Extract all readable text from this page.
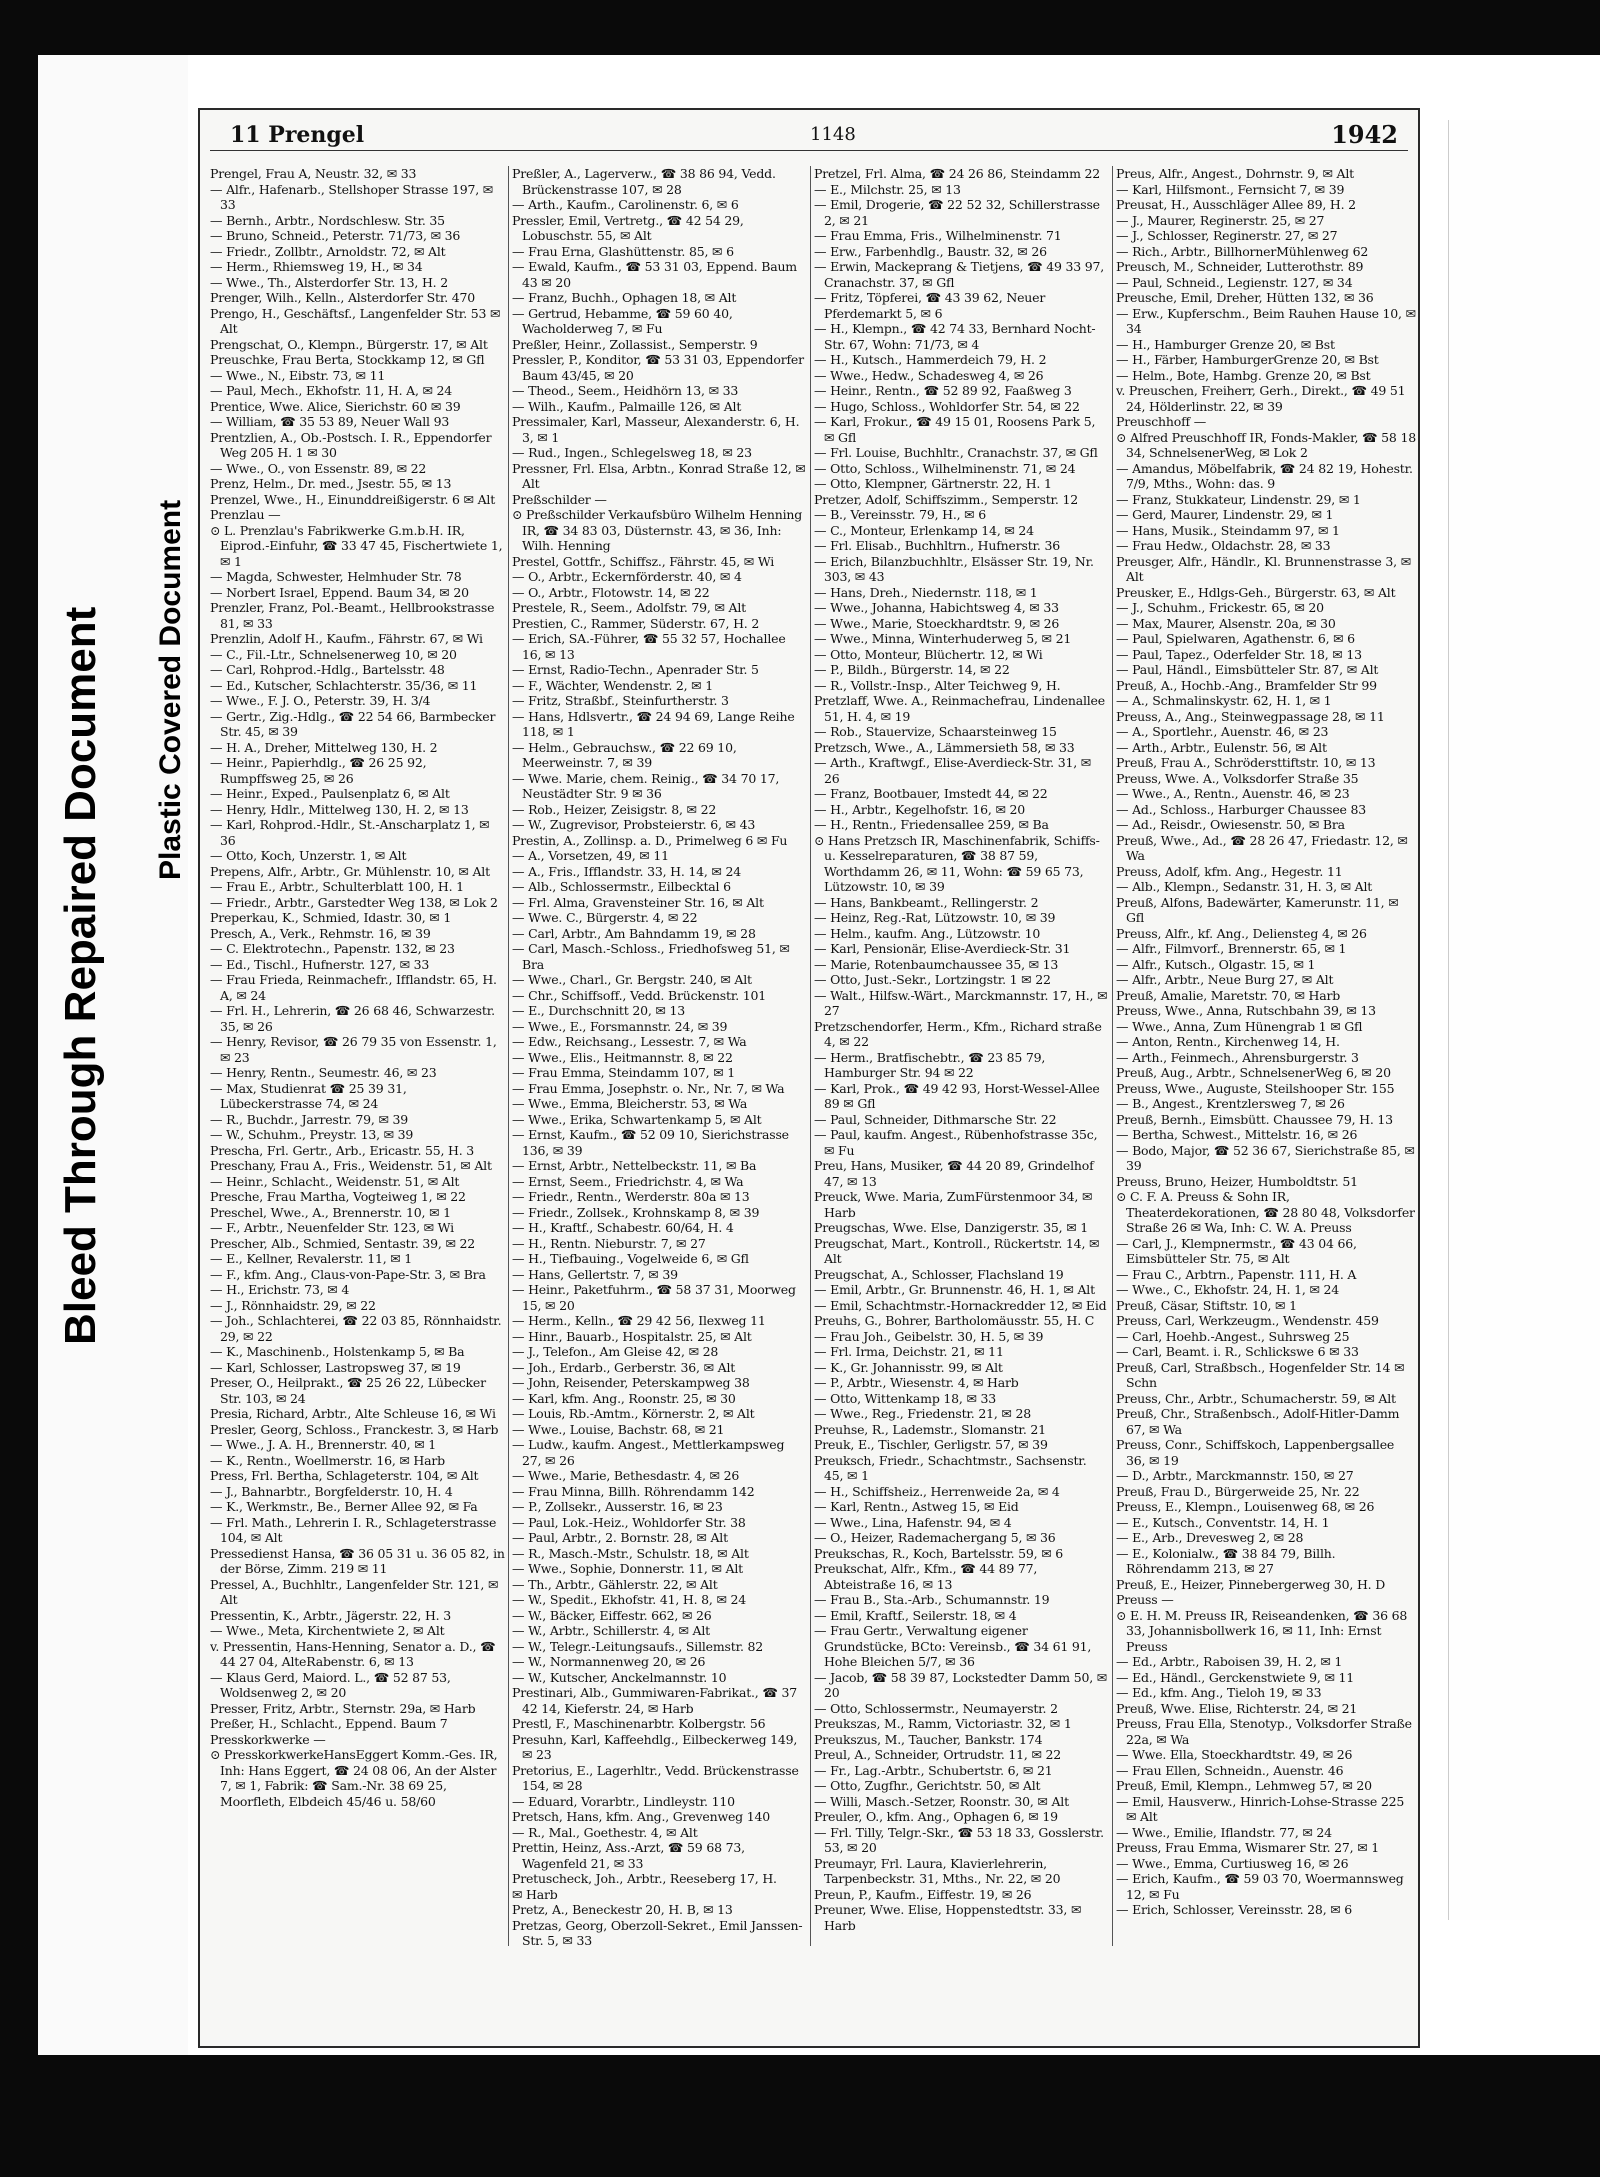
Bleed Through Repaired Document Plastic Covered Document
11 Prengel	1148	1942

Prengel, Frau A, Neustr. 32, ✉ 33

— Alfr., Hafenarb., Stellshoper Strasse 197, ✉ 33

— Bernh., Arbtr., Nordschlesw. Str. 35

— Bruno, Schneid., Peterstr. 71/73, ✉ 36

— Friedr., Zollbtr., Arnoldstr. 72, ✉ Alt

— Herm., Rhiemsweg 19, H., ✉ 34

— Wwe., Th., Alsterdorfer Str. 13, H. 2

Prenger, Wilh., Kelln., Alsterdorfer Str. 470

Prengo, H., Geschäftsf., Langenfelder Str. 53 ✉ Alt

Prengschat, O., Klempn., Bürgerstr. 17, ✉ Alt

Preuschke, Frau Berta, Stockkamp 12, ✉ Gfl

— Wwe., N., Eibstr. 73, ✉ 11

— Paul, Mech., Ekhofstr. 11, H. A, ✉ 24

Prentice, Wwe. Alice, Sierichstr. 60 ✉ 39

— William, ☎ 35 53 89, Neuer Wall 93

Prentzlien, A., Ob.-Postsch. I. R., Eppendorfer Weg 205 H. 1 ✉ 30

— Wwe., O., von Essenstr. 89, ✉ 22

Prenz, Helm., Dr. med., Jsestr. 55, ✉ 13

Prenzel, Wwe., H., Einunddreißigerstr. 6 ✉ Alt

Prenzlau —

⊙ L. Prenzlau's Fabrikwerke G.m.b.H. IR, Eiprod.-Einfuhr, ☎ 33 47 45, Fischertwiete 1, ✉ 1

— Magda, Schwester, Helmhuder Str. 78

— Norbert Israel, Eppend. Baum 34, ✉ 20

Prenzler, Franz, Pol.-Beamt., Hellbrookstrasse 81, ✉ 33

Prenzlin, Adolf H., Kaufm., Fährstr. 67, ✉ Wi

— C., Fil.-Ltr., Schnelsenerweg 10, ✉ 20

— Carl, Rohprod.-Hdlg., Bartelsstr. 48

— Ed., Kutscher, Schlachterstr. 35/36, ✉ 11

— Wwe., F. J. O., Peterstr. 39, H. 3/4

— Gertr., Zig.-Hdlg., ☎ 22 54 66, Barmbecker Str. 45, ✉ 39

— H. A., Dreher, Mittelweg 130, H. 2

— Heinr., Papierhdlg., ☎ 26 25 92, Rumpffsweg 25, ✉ 26

— Heinr., Exped., Paulsenplatz 6, ✉ Alt

— Henry, Hdlr., Mittelweg 130, H. 2, ✉ 13

— Karl, Rohprod.-Hdlr., St.-Anscharplatz 1, ✉ 36

— Otto, Koch, Unzerstr. 1, ✉ Alt

Prepens, Alfr., Arbtr., Gr. Mühlenstr. 10, ✉ Alt

— Frau E., Arbtr., Schulterblatt 100, H. 1

— Friedr., Arbtr., Garstedter Weg 138, ✉ Lok 2

Preperkau, K., Schmied, Idastr. 30, ✉ 1

Presch, A., Verk., Rehmstr. 16, ✉ 39

— C. Elektrotechn., Papenstr. 132, ✉ 23

— Ed., Tischl., Hufnerstr. 127, ✉ 33

— Frau Frieda, Reinmachefr., Ifflandstr. 65, H. A, ✉ 24

— Frl. H., Lehrerin, ☎ 26 68 46, Schwarzestr. 35, ✉ 26

— Henry, Revisor, ☎ 26 79 35 von Essenstr. 1, ✉ 23

— Henry, Rentn., Seumestr. 46, ✉ 23

— Max, Studienrat ☎ 25 39 31, Lübeckerstrasse 74, ✉ 24

— R., Buchdr., Jarrestr. 79, ✉ 39

— W., Schuhm., Preystr. 13, ✉ 39

Prescha, Frl. Gertr., Arb., Ericastr. 55, H. 3

Preschany, Frau A., Fris., Weidenstr. 51, ✉ Alt

— Heinr., Schlacht., Weidenstr. 51, ✉ Alt

Presche, Frau Martha, Vogteiweg 1, ✉ 22

Preschel, Wwe., A., Brennerstr. 10, ✉ 1

— F., Arbtr., Neuenfelder Str. 123, ✉ Wi

Prescher, Alb., Schmied, Sentastr. 39, ✉ 22

— E., Kellner, Revalerstr. 11, ✉ 1

— F., kfm. Ang., Claus-von-Pape-Str. 3, ✉ Bra

— H., Erichstr. 73, ✉ 4

— J., Rönnhaidstr. 29, ✉ 22

— Joh., Schlachterei, ☎ 22 03 85, Rönnhaidstr. 29, ✉ 22

— K., Maschinenb., Holstenkamp 5, ✉ Ba

— Karl, Schlosser, Lastropsweg 37, ✉ 19

Preser, O., Heilprakt., ☎ 25 26 22, Lübecker Str. 103, ✉ 24

Presia, Richard, Arbtr., Alte Schleuse 16, ✉ Wi

Presler, Georg, Schloss., Franckestr. 3, ✉ Harb

— Wwe., J. A. H., Brennerstr. 40, ✉ 1

— K., Rentn., Woellmerstr. 16, ✉ Harb

Press, Frl. Bertha, Schlageterstr. 104, ✉ Alt

— J., Bahnarbtr., Borgfelderstr. 10, H. 4

— K., Werkmstr., Be., Berner Allee 92, ✉ Fa

— Frl. Math., Lehrerin I. R., Schlageterstrasse 104, ✉ Alt

Pressedienst Hansa, ☎ 36 05 31 u. 36 05 82, in der Börse, Zimm. 219 ✉ 11

Pressel, A., Buchhltr., Langenfelder Str. 121, ✉ Alt

Pressentin, K., Arbtr., Jägerstr. 22, H. 3

— Wwe., Meta, Kirchentwiete 2, ✉ Alt

v. Pressentin, Hans-Henning, Senator a. D., ☎ 44 27 04, AlteRabenstr. 6, ✉ 13

— Klaus Gerd, Maiord. L., ☎ 52 87 53, Woldsenweg 2, ✉ 20

Presser, Fritz, Arbtr., Sternstr. 29a, ✉ Harb

Preßer, H., Schlacht., Eppend. Baum 7

Presskorkwerke —

⊙ PresskorkwerkeHansEggert Komm.-Ges. IR, Inh: Hans Eggert, ☎ 24 08 06, An der Alster 7, ✉ 1, Fabrik: ☎ Sam.-Nr. 38 69 25, Moorfleth, Elbdeich 45/46 u. 58/60

Preßler, A., Lagerverw., ☎ 38 86 94, Vedd. Brückenstrasse 107, ✉ 28

— Arth., Kaufm., Carolinenstr. 6, ✉ 6

Pressler, Emil, Vertretg., ☎ 42 54 29, Lobuschstr. 55, ✉ Alt

— Frau Erna, Glashüttenstr. 85, ✉ 6

— Ewald, Kaufm., ☎ 53 31 03, Eppend. Baum 43 ✉ 20

— Franz, Buchh., Ophagen 18, ✉ Alt

— Gertrud, Hebamme, ☎ 59 60 40, Wacholderweg 7, ✉ Fu

Preßler, Heinr., Zollassist., Semperstr. 9

Pressler, P., Konditor, ☎ 53 31 03, Eppendorfer Baum 43/45, ✉ 20

— Theod., Seem., Heidhörn 13, ✉ 33

— Wilh., Kaufm., Palmaille 126, ✉ Alt

Pressimaler, Karl, Masseur, Alexanderstr. 6, H. 3, ✉ 1

— Rud., Ingen., Schlegelsweg 18, ✉ 23

Pressner, Frl. Elsa, Arbtn., Konrad Straße 12, ✉ Alt

Preßschilder —

⊙ Preßschilder Verkaufsbüro Wilhelm Henning IR, ☎ 34 83 03, Düsternstr. 43, ✉ 36, Inh: Wilh. Henning

Prestel, Gottfr., Schiffsz., Fährstr. 45, ✉ Wi

— O., Arbtr., Eckernförderstr. 40, ✉ 4

— O., Arbtr., Flotowstr. 14, ✉ 22

Prestele, R., Seem., Adolfstr. 79, ✉ Alt

Prestien, C., Rammer, Süderstr. 67, H. 2

— Erich, SA.-Führer, ☎ 55 32 57, Hochallee 16, ✉ 13

— Ernst, Radio-Techn., Apenrader Str. 5

— F., Wächter, Wendenstr. 2, ✉ 1

— Fritz, Straßbf., Steinfurtherstr. 3

— Hans, Hdlsvertr., ☎ 24 94 69, Lange Reihe 118, ✉ 1

— Helm., Gebrauchsw., ☎ 22 69 10, Meerweinstr. 7, ✉ 39

— Wwe. Marie, chem. Reinig., ☎ 34 70 17, Neustädter Str. 9 ✉ 36

— Rob., Heizer, Zeisigstr. 8, ✉ 22

— W., Zugrevisor, Probsteierstr. 6, ✉ 43

Prestin, A., Zollinsp. a. D., Primelweg 6 ✉ Fu

— A., Vorsetzen, 49, ✉ 11

— A., Fris., Ifflandstr. 33, H. 14, ✉ 24

— Alb., Schlossermstr., Eilbecktal 6

— Frl. Alma, Gravensteiner Str. 16, ✉ Alt

— Wwe. C., Bürgerstr. 4, ✉ 22

— Carl, Arbtr., Am Bahndamm 19, ✉ 28

— Carl, Masch.-Schloss., Friedhofsweg 51, ✉ Bra

— Wwe., Charl., Gr. Bergstr. 240, ✉ Alt

— Chr., Schiffsoff., Vedd. Brückenstr. 101

— E., Durchschnitt 20, ✉ 13

— Wwe., E., Forsmannstr. 24, ✉ 39

— Edw., Reichsang., Lessestr. 7, ✉ Wa

— Wwe., Elis., Heitmannstr. 8, ✉ 22

— Frau Emma, Steindamm 107, ✉ 1

— Frau Emma, Josephstr. o. Nr., Nr. 7, ✉ Wa

— Wwe., Emma, Bleicherstr. 53, ✉ Wa

— Wwe., Erika, Schwartenkamp 5, ✉ Alt

— Ernst, Kaufm., ☎ 52 09 10, Sierichstrasse 136, ✉ 39

— Ernst, Arbtr., Nettelbeckstr. 11, ✉ Ba

— Ernst, Seem., Friedrichstr. 4, ✉ Wa

— Friedr., Rentn., Werderstr. 80a ✉ 13

— Friedr., Zollsek., Krohnskamp 8, ✉ 39

— H., Kraftf., Schabestr. 60/64, H. 4

— H., Rentn. Nieburstr. 7, ✉ 27

— H., Tiefbauing., Vogelweide 6, ✉ Gfl

— Hans, Gellertstr. 7, ✉ 39

— Heinr., Paketfuhrm., ☎ 58 37 31, Moorweg 15, ✉ 20

— Herm., Kelln., ☎ 29 42 56, Ilexweg 11

— Hinr., Bauarb., Hospitalstr. 25, ✉ Alt

— J., Telefon., Am Gleise 42, ✉ 28

— Joh., Erdarb., Gerberstr. 36, ✉ Alt

— John, Reisender, Peterskampweg 38

— Karl, kfm. Ang., Roonstr. 25, ✉ 30

— Louis, Rb.-Amtm., Körnerstr. 2, ✉ Alt

— Wwe., Louise, Bachstr. 68, ✉ 21

— Ludw., kaufm. Angest., Mettlerkampsweg 27, ✉ 26

— Wwe., Marie, Bethesdastr. 4, ✉ 26

— Frau Minna, Billh. Röhrendamm 142

— P., Zollsekr., Ausserstr. 16, ✉ 23

— Paul, Lok.-Heiz., Wohldorfer Str. 38

— Paul, Arbtr., 2. Bornstr. 28, ✉ Alt

— R., Masch.-Mstr., Schulstr. 18, ✉ Alt

— Wwe., Sophie, Donnerstr. 11, ✉ Alt

— Th., Arbtr., Gählerstr. 22, ✉ Alt

— W., Spedit., Ekhofstr. 41, H. 8, ✉ 24

— W., Bäcker, Eiffestr. 662, ✉ 26

— W., Arbtr., Schillerstr. 4, ✉ Alt

— W., Telegr.-Leitungsaufs., Sillemstr. 82

— W., Normannenweg 20, ✉ 26

— W., Kutscher, Anckelmannstr. 10

Prestinari, Alb., Gummiwaren-Fabrikat., ☎ 37 42 14, Kieferstr. 24, ✉ Harb

Prestl, F., Maschinenarbtr. Kolbergstr. 56

Presuhn, Karl, Kaffeehdlg., Eilbeckerweg 149, ✉ 23

Pretorius, E., Lagerhltr., Vedd. Brückenstrasse 154, ✉ 28

— Eduard, Vorarbtr., Lindleystr. 110

Pretsch, Hans, kfm. Ang., Grevenweg 140

— R., Mal., Goethestr. 4, ✉ Alt

Prettin, Heinz, Ass.-Arzt, ☎ 59 68 73, Wagenfeld 21, ✉ 33

Pretuscheck, Joh., Arbtr., Reeseberg 17, H.

✉ Harb

Pretz, A., Beneckestr 20, H. B, ✉ 13

Pretzas, Georg, Oberzoll-Sekret., Emil Janssen-Str. 5, ✉ 33

Pretzel, Frl. Alma, ☎ 24 26 86, Steindamm 22

— E., Milchstr. 25, ✉ 13

— Emil, Drogerie, ☎ 22 52 32, Schillerstrasse 2, ✉ 21

— Frau Emma, Fris., Wilhelminenstr. 71

— Erw., Farbenhdlg., Baustr. 32, ✉ 26

— Erwin, Mackeprang & Tietjens, ☎ 49 33 97, Cranachstr. 37, ✉ Gfl

— Fritz, Töpferei, ☎ 43 39 62, Neuer Pferdemarkt 5, ✉ 6

— H., Klempn., ☎ 42 74 33, Bernhard Nocht-Str. 67, Wohn: 71/73, ✉ 4

— H., Kutsch., Hammerdeich 79, H. 2

— Wwe., Hedw., Schadesweg 4, ✉ 26

— Heinr., Rentn., ☎ 52 89 92, Faaßweg 3

— Hugo, Schloss., Wohldorfer Str. 54, ✉ 22

— Karl, Frokur., ☎ 49 15 01, Roosens Park 5, ✉ Gfl

— Frl. Louise, Buchhltr., Cranachstr. 37, ✉ Gfl

— Otto, Schloss., Wilhelminenstr. 71, ✉ 24

— Otto, Klempner, Gärtnerstr. 22, H. 1

Pretzer, Adolf, Schiffszimm., Semperstr. 12

— B., Vereinsstr. 79, H., ✉ 6

— C., Monteur, Erlenkamp 14, ✉ 24

— Frl. Elisab., Buchhltrn., Hufnerstr. 36

— Erich, Bilanzbuchhltr., Elsässer Str. 19, Nr. 303, ✉ 43

— Hans, Dreh., Niedernstr. 118, ✉ 1

— Wwe., Johanna, Habichtsweg 4, ✉ 33

— Wwe., Marie, Stoeckhardtstr. 9, ✉ 26

— Wwe., Minna, Winterhuderweg 5, ✉ 21

— Otto, Monteur, Blüchertr. 12, ✉ Wi

— P., Bildh., Bürgerstr. 14, ✉ 22

— R., Vollstr.-Insp., Alter Teichweg 9, H.

Pretzlaff, Wwe. A., Reinmachefrau, Lindenallee 51, H. 4, ✉ 19

— Rob., Stauervize, Schaarsteinweg 15

Pretzsch, Wwe., A., Lämmersieth 58, ✉ 33

— Arth., Kraftwgf., Elise-Averdieck-Str. 31, ✉ 26

— Franz, Bootbauer, Imstedt 44, ✉ 22

— H., Arbtr., Kegelhofstr. 16, ✉ 20

— H., Rentn., Friedensallee 259, ✉ Ba

⊙ Hans Pretzsch IR, Maschinenfabrik, Schiffs- u. Kesselreparaturen, ☎ 38 87 59, Worthdamm 26, ✉ 11, Wohn: ☎ 59 65 73, Lützowstr. 10, ✉ 39

— Hans, Bankbeamt., Rellingerstr. 2

— Heinz, Reg.-Rat, Lützowstr. 10, ✉ 39

— Helm., kaufm. Ang., Lützowstr. 10

— Karl, Pensionär, Elise-Averdieck-Str. 31

— Marie, Rotenbaumchaussee 35, ✉ 13

— Otto, Just.-Sekr., Lortzingstr. 1 ✉ 22

— Walt., Hilfsw.-Wärt., Marckmannstr. 17, H., ✉ 27

Pretzschendorfer, Herm., Kfm., Richard straße 4, ✉ 22

— Herm., Bratfischebtr., ☎ 23 85 79, Hamburger Str. 94 ✉ 22

— Karl, Prok., ☎ 49 42 93, Horst-Wessel-Allee 89 ✉ Gfl

— Paul, Schneider, Dithmarsche Str. 22

— Paul, kaufm. Angest., Rübenhofstrasse 35c, ✉ Fu

Preu, Hans, Musiker, ☎ 44 20 89, Grindelhof 47, ✉ 13

Preuck, Wwe. Maria, ZumFürstenmoor 34, ✉ Harb

Preugschas, Wwe. Else, Danzigerstr. 35, ✉ 1

Preugschat, Mart., Kontroll., Rückertstr. 14, ✉ Alt

Preugschat, A., Schlosser, Flachsland 19

— Emil, Arbtr., Gr. Brunnenstr. 46, H. 1, ✉ Alt

— Emil, Schachtmstr.-Hornackredder 12, ✉ Eid

Preuhs, G., Bohrer, Bartholomäusstr. 55, H. C

— Frau Joh., Geibelstr. 30, H. 5, ✉ 39

— Frl. Irma, Deichstr. 21, ✉ 11

— K., Gr. Johannisstr. 99, ✉ Alt

— P., Arbtr., Wiesenstr. 4, ✉ Harb

— Otto, Wittenkamp 18, ✉ 33

— Wwe., Reg., Friedenstr. 21, ✉ 28

Preuhse, R., Lademstr., Slomanstr. 21

Preuk, E., Tischler, Gerligstr. 57, ✉ 39

Preuksch, Friedr., Schachtmstr., Sachsenstr. 45, ✉ 1

— H., Schiffsheiz., Herrenweide 2a, ✉ 4

— Karl, Rentn., Astweg 15, ✉ Eid

— Wwe., Lina, Hafenstr. 94, ✉ 4

— O., Heizer, Rademachergang 5, ✉ 36

Preukschas, R., Koch, Bartelsstr. 59, ✉ 6

Preukschat, Alfr., Kfm., ☎ 44 89 77, Abteistraße 16, ✉ 13

— Frau B., Sta.-Arb., Schumannstr. 19

— Emil, Kraftf., Seilerstr. 18, ✉ 4

— Frau Gertr., Verwaltung eigener Grundstücke, BCto: Vereinsb., ☎ 34 61 91, Hohe Bleichen 5/7, ✉ 36

— Jacob, ☎ 58 39 87, Lockstedter Damm 50, ✉ 20

— Otto, Schlossermstr., Neumayerstr. 2

Preukszas, M., Ramm, Victoriastr. 32, ✉ 1

Preukszus, M., Taucher, Bankstr. 174

Preul, A., Schneider, Ortrudstr. 11, ✉ 22

— Fr., Lag.-Arbtr., Schubertstr. 6, ✉ 21

— Otto, Zugfhr., Gerichtstr. 50, ✉ Alt

— Willi, Masch.-Setzer, Roonstr. 30, ✉ Alt

Preuler, O., kfm. Ang., Ophagen 6, ✉ 19

— Frl. Tilly, Telgr.-Skr., ☎ 53 18 33, Gosslerstr. 53, ✉ 20

Preumayr, Frl. Laura, Klavierlehrerin, Tarpenbeckstr. 31, Mths., Nr. 22, ✉ 20

Preun, P., Kaufm., Eiffestr. 19, ✉ 26

Preuner, Wwe. Elise, Hoppenstedtstr. 33, ✉ Harb

Preus, Alfr., Angest., Dohrnstr. 9, ✉ Alt

— Karl, Hilfsmont., Fernsicht 7, ✉ 39

Preusat, H., Ausschläger Allee 89, H. 2

— J., Maurer, Reginerstr. 25, ✉ 27

— J., Schlosser, Reginerstr. 27, ✉ 27

— Rich., Arbtr., BillhornerMühlenweg 62

Preusch, M., Schneider, Lutterothstr. 89

— Paul, Schneid., Legienstr. 127, ✉ 34

Preusche, Emil, Dreher, Hütten 132, ✉ 36

— Erw., Kupferschm., Beim Rauhen Hause 10, ✉ 34

— H., Hamburger Grenze 20, ✉ Bst

— H., Färber, HamburgerGrenze 20, ✉ Bst

— Helm., Bote, Hambg. Grenze 20, ✉ Bst

v. Preuschen, Freiherr, Gerh., Direkt., ☎ 49 51 24, Hölderlinstr. 22, ✉ 39

Preuschhoff —

⊙ Alfred Preuschhoff IR, Fonds-Makler, ☎ 58 18 34, SchnelsenerWeg, ✉ Lok 2

— Amandus, Möbelfabrik, ☎ 24 82 19, Hohestr. 7/9, Mths., Wohn: das. 9

— Franz, Stukkateur, Lindenstr. 29, ✉ 1

— Gerd, Maurer, Lindenstr. 29, ✉ 1

— Hans, Musik., Steindamm 97, ✉ 1

— Frau Hedw., Oldachstr. 28, ✉ 33

Preusger, Alfr., Händlr., Kl. Brunnenstrasse 3, ✉ Alt

Preusker, E., Hdlgs-Geh., Bürgerstr. 63, ✉ Alt

— J., Schuhm., Frickestr. 65, ✉ 20

— Max, Maurer, Alsenstr. 20a, ✉ 30

— Paul, Spielwaren, Agathenstr. 6, ✉ 6

— Paul, Tapez., Oderfelder Str. 18, ✉ 13

— Paul, Händl., Eimsbütteler Str. 87, ✉ Alt

Preuß, A., Hochb.-Ang., Bramfelder Str 99

— A., Schmalinskystr. 62, H. 1, ✉ 1

Preuss, A., Ang., Steinwegpassage 28, ✉ 11

— A., Sportlehr., Auenstr. 46, ✉ 23

— Arth., Arbtr., Eulenstr. 56, ✉ Alt

Preuß, Frau A., Schrödersttiftstr. 10, ✉ 13

Preuss, Wwe. A., Volksdorfer Straße 35

— Wwe., A., Rentn., Auenstr. 46, ✉ 23

— Ad., Schloss., Harburger Chaussee 83

— Ad., Reisdr., Owiesenstr. 50, ✉ Bra

Preuß, Wwe., Ad., ☎ 28 26 47, Friedastr. 12, ✉ Wa

Preuss, Adolf, kfm. Ang., Hegestr. 11

— Alb., Klempn., Sedanstr. 31, H. 3, ✉ Alt

Preuß, Alfons, Badewärter, Kamerunstr. 11, ✉ Gfl

Preuss, Alfr., kf. Ang., Deliensteg 4, ✉ 26

— Alfr., Filmvorf., Brennerstr. 65, ✉ 1

— Alfr., Kutsch., Olgastr. 15, ✉ 1

— Alfr., Arbtr., Neue Burg 27, ✉ Alt

Preuß, Amalie, Maretstr. 70, ✉ Harb

Preuss, Wwe., Anna, Rutschbahn 39, ✉ 13

— Wwe., Anna, Zum Hünengrab 1 ✉ Gfl

— Anton, Rentn., Kirchenweg 14, H.

— Arth., Feinmech., Ahrensburgerstr. 3

Preuß, Aug., Arbtr., SchnelsenerWeg 6, ✉ 20

Preuss, Wwe., Auguste, Steilshooper Str. 155

— B., Angest., Krentzlersweg 7, ✉ 26

Preuß, Bernh., Eimsbütt. Chaussee 79, H. 13

— Bertha, Schwest., Mittelstr. 16, ✉ 26

— Bodo, Major, ☎ 52 36 67, Sierichstraße 85, ✉ 39

Preuss, Bruno, Heizer, Humboldtstr. 51

⊙ C. F. A. Preuss & Sohn IR, Theaterdekorationen, ☎ 28 80 48, Volksdorfer Straße 26 ✉ Wa, Inh: C. W. A. Preuss

— Carl, J., Klempnermstr., ☎ 43 04 66, Eimsbütteler Str. 75, ✉ Alt

— Frau C., Arbtrn., Papenstr. 111, H. A

— Wwe., C., Ekhofstr. 24, H. 1, ✉ 24

Preuß, Cäsar, Stiftstr. 10, ✉ 1

Preuss, Carl, Werkzeugm., Wendenstr. 459

— Carl, Hoehb.-Angest., Suhrsweg 25

— Carl, Beamt. i. R., Schlickswe 6 ✉ 33

Preuß, Carl, Straßbsch., Hogenfelder Str. 14 ✉ Schn

Preuss, Chr., Arbtr., Schumacherstr. 59, ✉ Alt

Preuß, Chr., Straßenbsch., Adolf-Hitler-Damm 67, ✉ Wa

Preuss, Conr., Schiffskoch, Lappenbergsallee 36, ✉ 19

— D., Arbtr., Marckmannstr. 150, ✉ 27

Preuß, Frau D., Bürgerweide 25, Nr. 22

Preuss, E., Klempn., Louisenweg 68, ✉ 26

— E., Kutsch., Conventstr. 14, H. 1

— E., Arb., Drevesweg 2, ✉ 28

— E., Kolonialw., ☎ 38 84 79, Billh. Röhrendamm 213, ✉ 27

Preuß, E., Heizer, Pinnebergerweg 30, H. D

Preuss —

⊙ E. H. M. Preuss IR, Reiseandenken, ☎ 36 68 33, Johannisbollwerk 16, ✉ 11, Inh: Ernst Preuss

— Ed., Arbtr., Raboisen 39, H. 2, ✉ 1

— Ed., Händl., Gerckenstwiete 9, ✉ 11

— Ed., kfm. Ang., Tieloh 19, ✉ 33

Preuß, Wwe. Elise, Richterstr. 24, ✉ 21

Preuss, Frau Ella, Stenotyp., Volksdorfer Straße 22a, ✉ Wa

— Wwe. Ella, Stoeckhardtstr. 49, ✉ 26

— Frau Ellen, Schneidn., Auenstr. 46

Preuß, Emil, Klempn., Lehmweg 57, ✉ 20

— Emil, Hausverw., Hinrich-Lohse-Strasse 225 ✉ Alt

— Wwe., Emilie, Iflandstr. 77, ✉ 24

Preuss, Frau Emma, Wismarer Str. 27, ✉ 1

— Wwe., Emma, Curtiusweg 16, ✉ 26

— Erich, Kaufm., ☎ 59 03 70, Woermannsweg 12, ✉ Fu

— Erich, Schlosser, Vereinsstr. 28, ✉ 6
